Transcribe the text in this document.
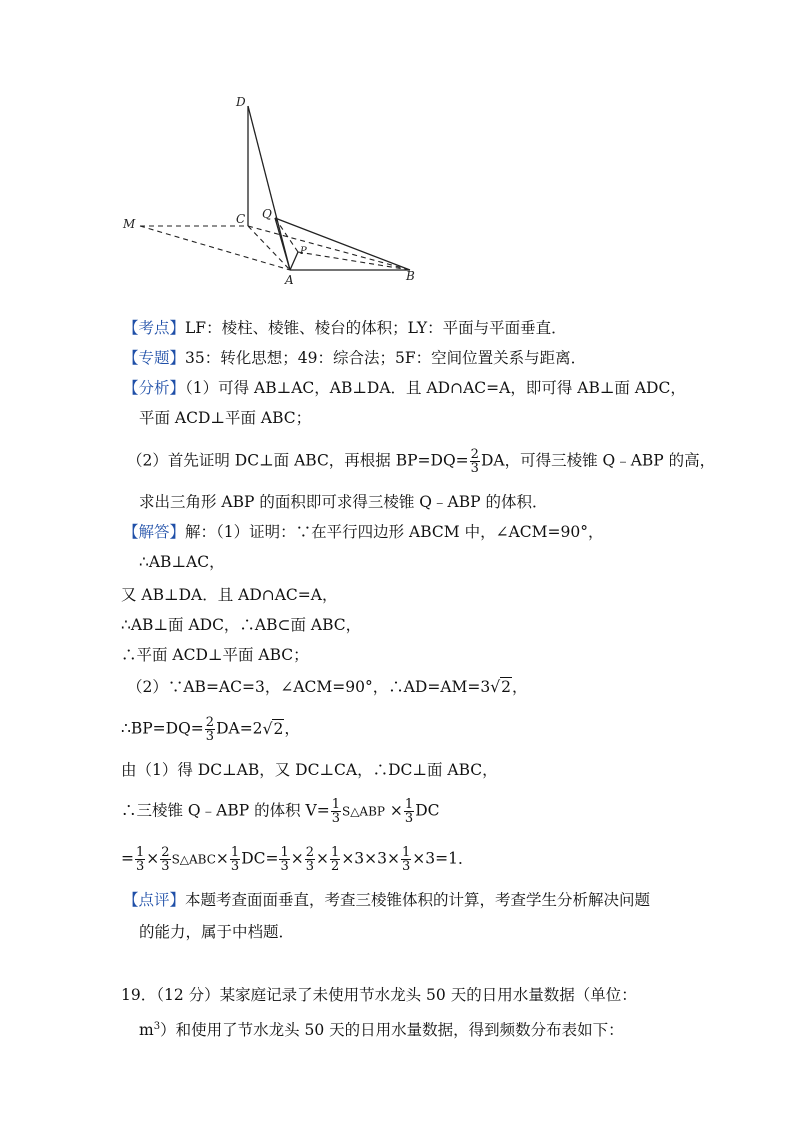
D
M	C Q
P
A	B
【考点】LF：棱柱、棱锥、棱台的体积；LY：平面与平面垂直．
【专题】35：转化思想；49：综合法；5F：空间位置关系与距离．
【分析】（1）可得 AB⊥AC，AB⊥DA．且 AD∩AC=A，即可得 AB⊥面 ADC，
平面 ACD⊥平面 ABC；
（2）首先证明 DC⊥面 ABC，再根据 $BP=DQ= \frac{2}{3}$ DA，可得三棱锥 Q﹣ABP 的高，
求出三角形 ABP 的面积即可求得三棱锥 Q﹣ABP 的体积．
【解答】解：（1）证明：∵在平行四边形 ABCM 中，∠ACM=90°，
∴AB⊥AC，
又 AB⊥DA．且 AD∩AC=A，
∴AB⊥面 ADC，∴AB⊂面 ABC，
∴平面 ACD⊥平面 ABC；
（2）∵AB=AC=3，∠ACM=90°，∴AD=AM=3√2，
∴BP=DQ= $\frac{2}{3} DA=2√2$，
由（1）得 DC⊥AB，又 DC⊥CA，∴DC⊥面 ABC，
∴三棱锥 Q﹣ABP 的体积 $V= \frac{1}{3}$ S△ABP × $\frac{1}{3}$ DC
= $\frac{1}{3} \times \frac{2}{3}$ S△ABC× $\frac{1}{3} DC= \frac{1}{3} \times \frac{2}{3} \times \frac{1}{2} \times 3\times 3\times \frac{1}{3} \times 3=1$．
【点评】本题考查面面垂直，考查三棱锥体积的计算，考查学生分析解决问题
的能力，属于中档题．
19．（12 分）某家庭记录了未使用节水龙头 50 天的日用水量数据（单位：
$m^3$）和使用了节水龙头 50 天的日用水量数据，得到频数分布表如下：
